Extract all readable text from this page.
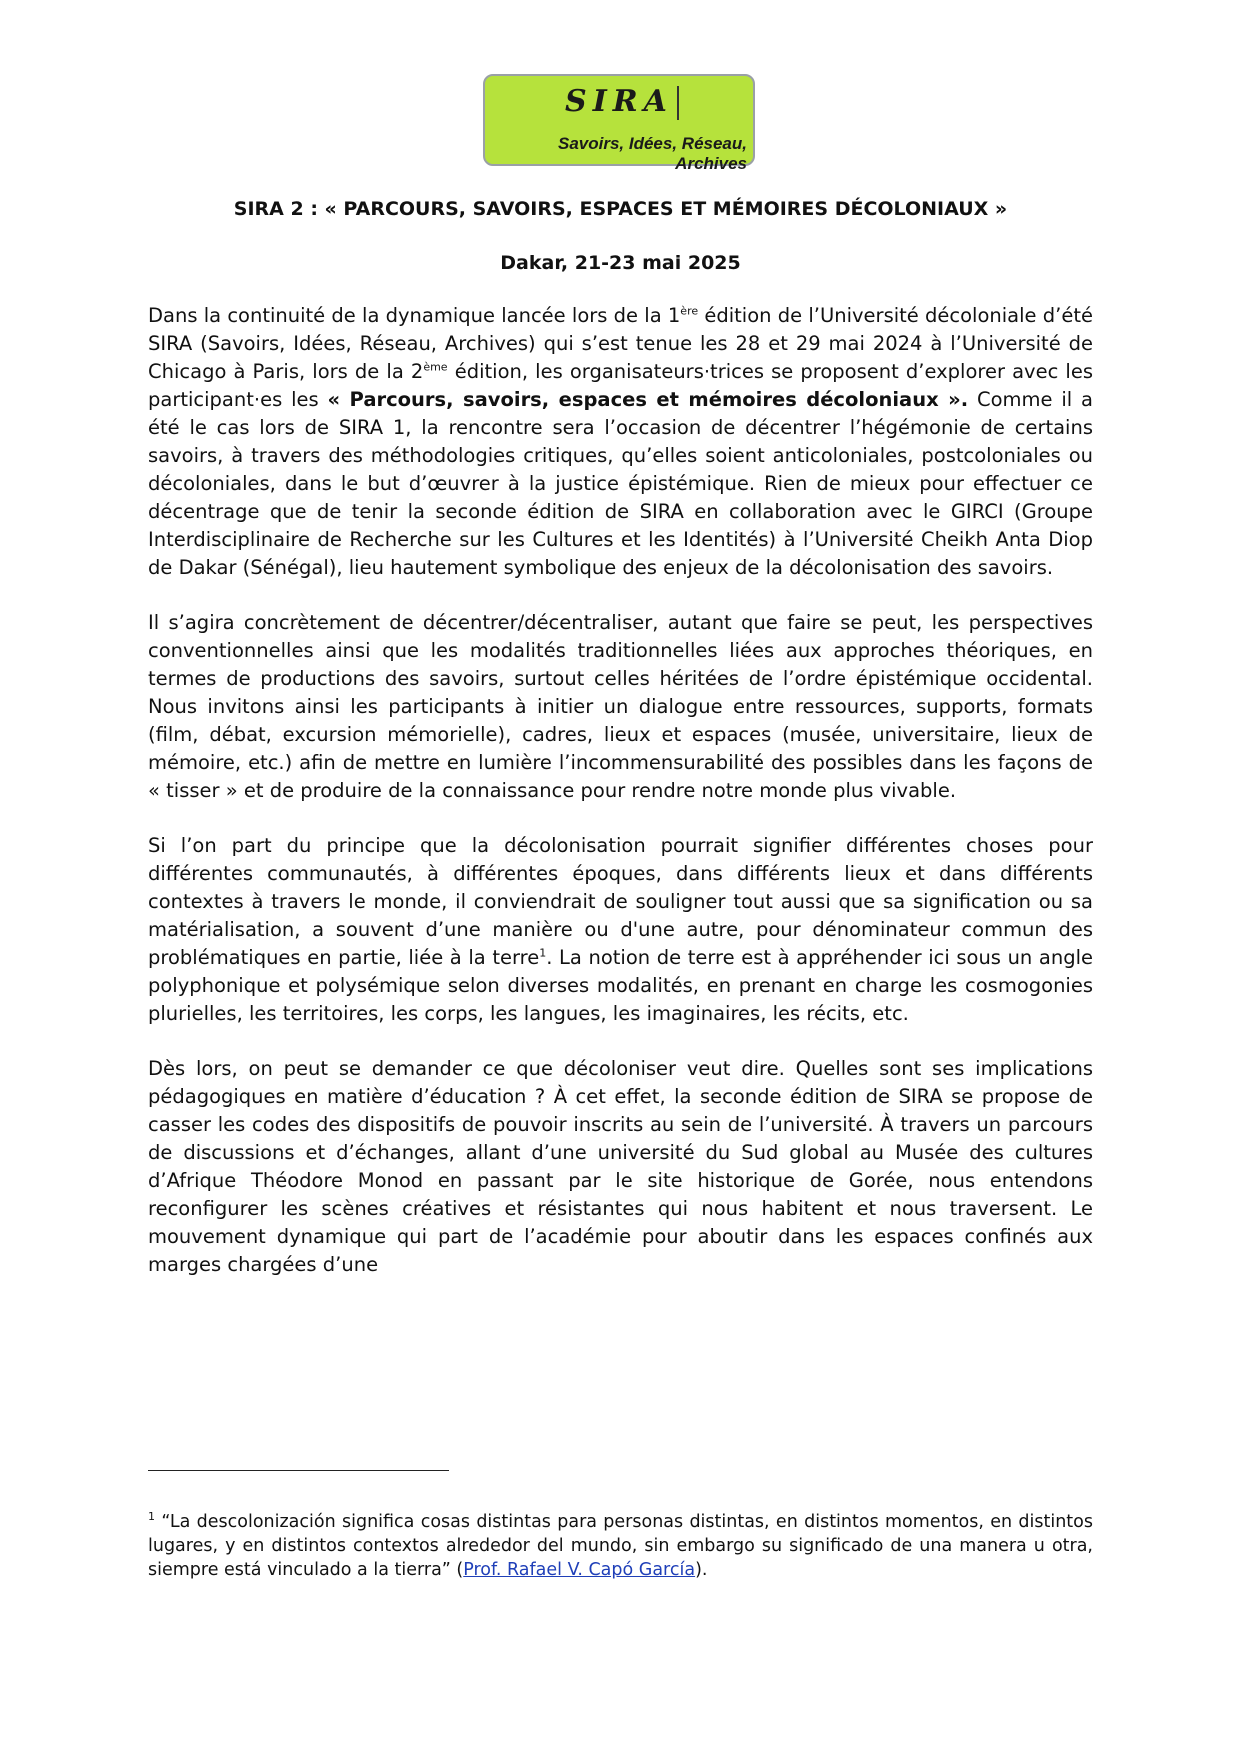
SIRA
Savoirs, Idées, Réseau, Archives
SIRA 2 : « PARCOURS, SAVOIRS, ESPACES ET MÉMOIRES DÉCOLONIAUX »
Dakar, 21-23 mai 2025

Dans la continuité de la dynamique lancée lors de la 1ère édition de l’Université décoloniale d’été SIRA (Savoirs, Idées, Réseau, Archives) qui s’est tenue les 28 et 29 mai 2024 à l’Université de Chicago à Paris, lors de la 2ème édition, les organisateurs·trices se proposent d’explorer avec les participant·es les « Parcours, savoirs, espaces et mémoires décoloniaux ». Comme il a été le cas lors de SIRA 1, la rencontre sera l’occasion de décentrer l’hégémonie de certains savoirs, à travers des méthodologies critiques, qu’elles soient anticoloniales, postcoloniales ou décoloniales, dans le but d’œuvrer à la justice épistémique. Rien de mieux pour effectuer ce décentrage que de tenir la seconde édition de SIRA en collaboration avec le GIRCI (Groupe Interdisciplinaire de Recherche sur les Cultures et les Identités) à l’Université Cheikh Anta Diop de Dakar (Sénégal), lieu hautement symbolique des enjeux de la décolonisation des savoirs.

Il s’agira concrètement de décentrer/décentraliser, autant que faire se peut, les perspectives conventionnelles ainsi que les modalités traditionnelles liées aux approches théoriques, en termes de productions des savoirs, surtout celles héritées de l’ordre épistémique occidental. Nous invitons ainsi les participants à initier un dialogue entre ressources, supports, formats (film, débat, excursion mémorielle), cadres, lieux et espaces (musée, universitaire, lieux de mémoire, etc.) afin de mettre en lumière l’incommensurabilité des possibles dans les façons de « tisser » et de produire de la connaissance pour rendre notre monde plus vivable.

Si l’on part du principe que la décolonisation pourrait signifier différentes choses pour différentes communautés, à différentes époques, dans différents lieux et dans différents contextes à travers le monde, il conviendrait de souligner tout aussi que sa signification ou sa matérialisation, a souvent d’une manière ou d'une autre, pour dénominateur commun des problématiques en partie, liée à la terre$^1$. La notion de terre est à appréhender ici sous un angle polyphonique et polysémique selon diverses modalités, en prenant en charge les cosmogonies plurielles, les territoires, les corps, les langues, les imaginaires, les récits, etc.

Dès lors, on peut se demander ce que décoloniser veut dire. Quelles sont ses implications pédagogiques en matière d’éducation ? À cet effet, la seconde édition de SIRA se propose de casser les codes des dispositifs de pouvoir inscrits au sein de l’université. À travers un parcours de discussions et d’échanges, allant d’une université du Sud global au Musée des cultures d’Afrique Théodore Monod en passant par le site historique de Gorée, nous entendons reconfigurer les scènes créatives et résistantes qui nous habitent et nous traversent. Le mouvement dynamique qui part de l’académie pour aboutir dans les espaces confinés aux marges chargées d’une

$^1$ “La descolonización significa cosas distintas para personas distintas, en distintos momentos, en distintos lugares, y en distintos contextos alrededor del mundo, sin embargo su significado de una manera u otra, siempre está vinculado a la tierra” (Prof. Rafael V. Capó García).
